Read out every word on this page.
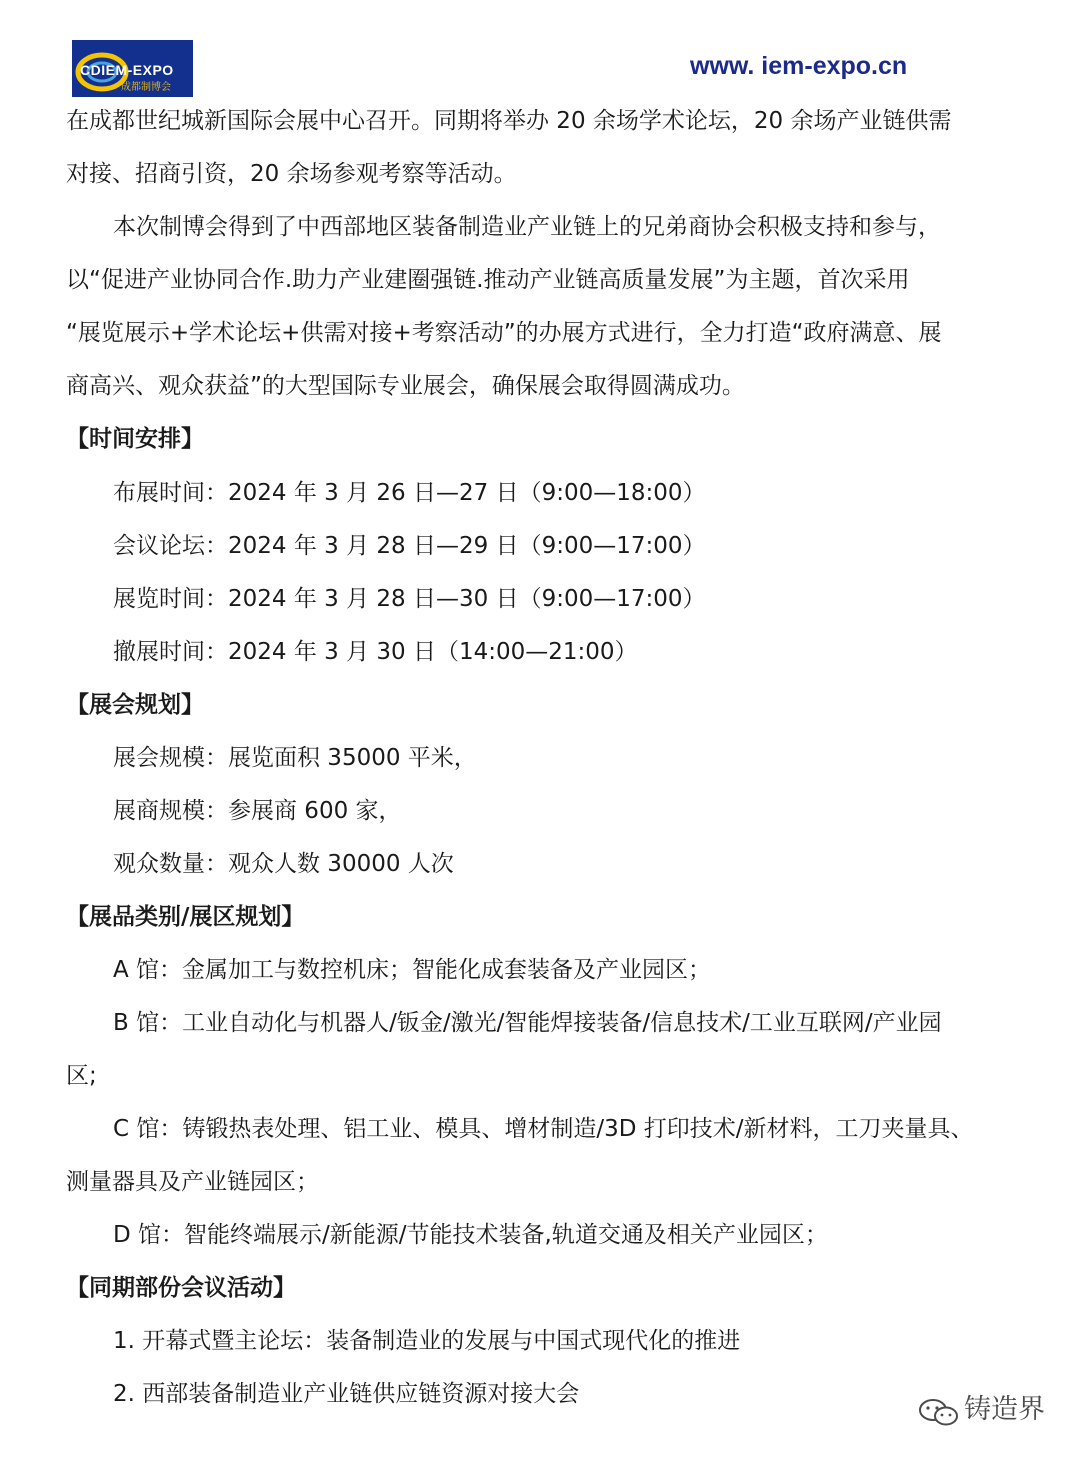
CDIEM-EXPO
成都制博会
www. iem-expo.cn
在成都世纪城新国际会展中心召开。同期将举办 20 余场学术论坛，20 余场产业链供需
对接、招商引资，20 余场参观考察等活动。
本次制博会得到了中西部地区装备制造业产业链上的兄弟商协会积极支持和参与，
以“促进产业协同合作.助力产业建圈强链.推动产业链高质量发展”为主题，首次采用
“展览展示+学术论坛+供需对接+考察活动”的办展方式进行，全力打造“政府满意、展
商高兴、观众获益”的大型国际专业展会，确保展会取得圆满成功。
【时间安排】
布展时间：2024 年 3 月 26 日—27 日（9:00—18:00）
会议论坛：2024 年 3 月 28 日—29 日（9:00—17:00）
展览时间：2024 年 3 月 28 日—30 日（9:00—17:00）
撤展时间：2024 年 3 月 30 日（14:00—21:00）
【展会规划】
展会规模：展览面积 35000 平米，
展商规模：参展商 600 家，
观众数量：观众人数 30000 人次
【展品类别/展区规划】
A 馆：金属加工与数控机床；智能化成套装备及产业园区；
B 馆：工业自动化与机器人/钣金/激光/智能焊接装备/信息技术/工业互联网/产业园
区;
C 馆：铸锻热表处理、铝工业、模具、增材制造/3D 打印技术/新材料，工刀夹量具、
测量器具及产业链园区；
D 馆：智能终端展示/新能源/节能技术装备,轨道交通及相关产业园区；
【同期部份会议活动】
1. 开幕式暨主论坛：装备制造业的发展与中国式现代化的推进
2. 西部装备制造业产业链供应链资源对接大会	铸造界
